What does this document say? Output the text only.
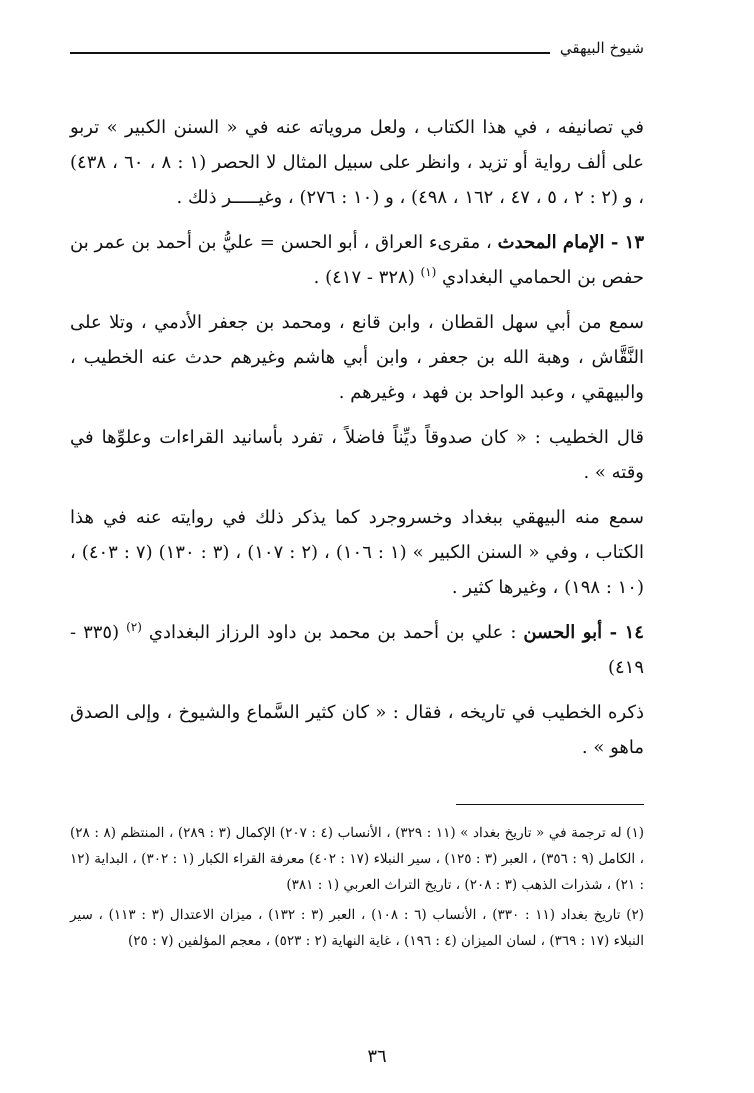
شيوخ البيهقي

في تصانيفه ، في هذا الكتاب ، ولعل مروياته عنه في « السنن الكبير » تربو على ألف رواية أو تزيد ، وانظر على سبيل المثال لا الحصر (١ : ٨ ، ٦٠ ، ٤٣٨) ، و (٢ : ٢ ، ٥ ، ٤٧ ، ١٦٢ ، ٤٩٨) ، و (١٠ : ٢٧٦) ، وغيـــــر ذلك .

١٣ - الإمام المحدث ، مقرىء العراق ، أبو الحسن = عليُّ بن أحمد بن عمر بن حفص بن الحمامي البغدادي $^{(١)}$ (٣٢٨ - ٤١٧) .

سمع من أبي سهل القطان ، وابن قانع ، ومحمد بن جعفر الأدمي ، وتلا على النَّقَّاش ، وهبة الله بن جعفر ، وابن أبي هاشم وغيرهم حدث عنه الخطيب ، والبيهقي ، وعبد الواحد بن فهد ، وغيرهم .

قال الخطيب : « كان صدوقاً ديِّناً فاضلاً ، تفرد بأسانيد القراءات وعلوِّها في وقته » .

سمع منه البيهقي ببغداد وخسروجرد كما يذكر ذلك في روايته عنه في هذا الكتاب ، وفي « السنن الكبير » (١ : ١٠٦) ، (٢ : ١٠٧) ، (٣ : ١٣٠) (٧ : ٤٠٣) ، (١٠ : ١٩٨) ، وغيرها كثير .

١٤ - أبو الحسن : علي بن أحمد بن محمد بن داود الرزاز البغدادي $^{(٢)}$ (٣٣٥ - ٤١٩)

ذكره الخطيب في تاريخه ، فقال : « كان كثير السَّماع والشيوخ ، وإلى الصدق ماهو » .

(١) له ترجمة في « تاريخ بغداد » (١١ : ٣٢٩) ، الأنساب (٤ : ٢٠٧) الإكمال (٣ : ٢٨٩) ، المنتظم (٨ : ٢٨) ، الكامل (٩ : ٣٥٦) ، العبر (٣ : ١٢٥) ، سير النبلاء (١٧ : ٤٠٢) معرفة القراء الكبار (١ : ٣٠٢) ، البداية (١٢ : ٢١) ، شذرات الذهب (٣ : ٢٠٨) ، تاريخ التراث العربي (١ : ٣٨١)

(٢) تاريخ بغداد (١١ : ٣٣٠) ، الأنساب (٦ : ١٠٨) ، العبر (٣ : ١٣٢) ، ميزان الاعتدال (٣ : ١١٣) ، سير النبلاء (١٧ : ٣٦٩) ، لسان الميزان (٤ : ١٩٦) ، غاية النهاية (٢ : ٥٢٣) ، معجم المؤلفين (٧ : ٢٥)

٣٦
